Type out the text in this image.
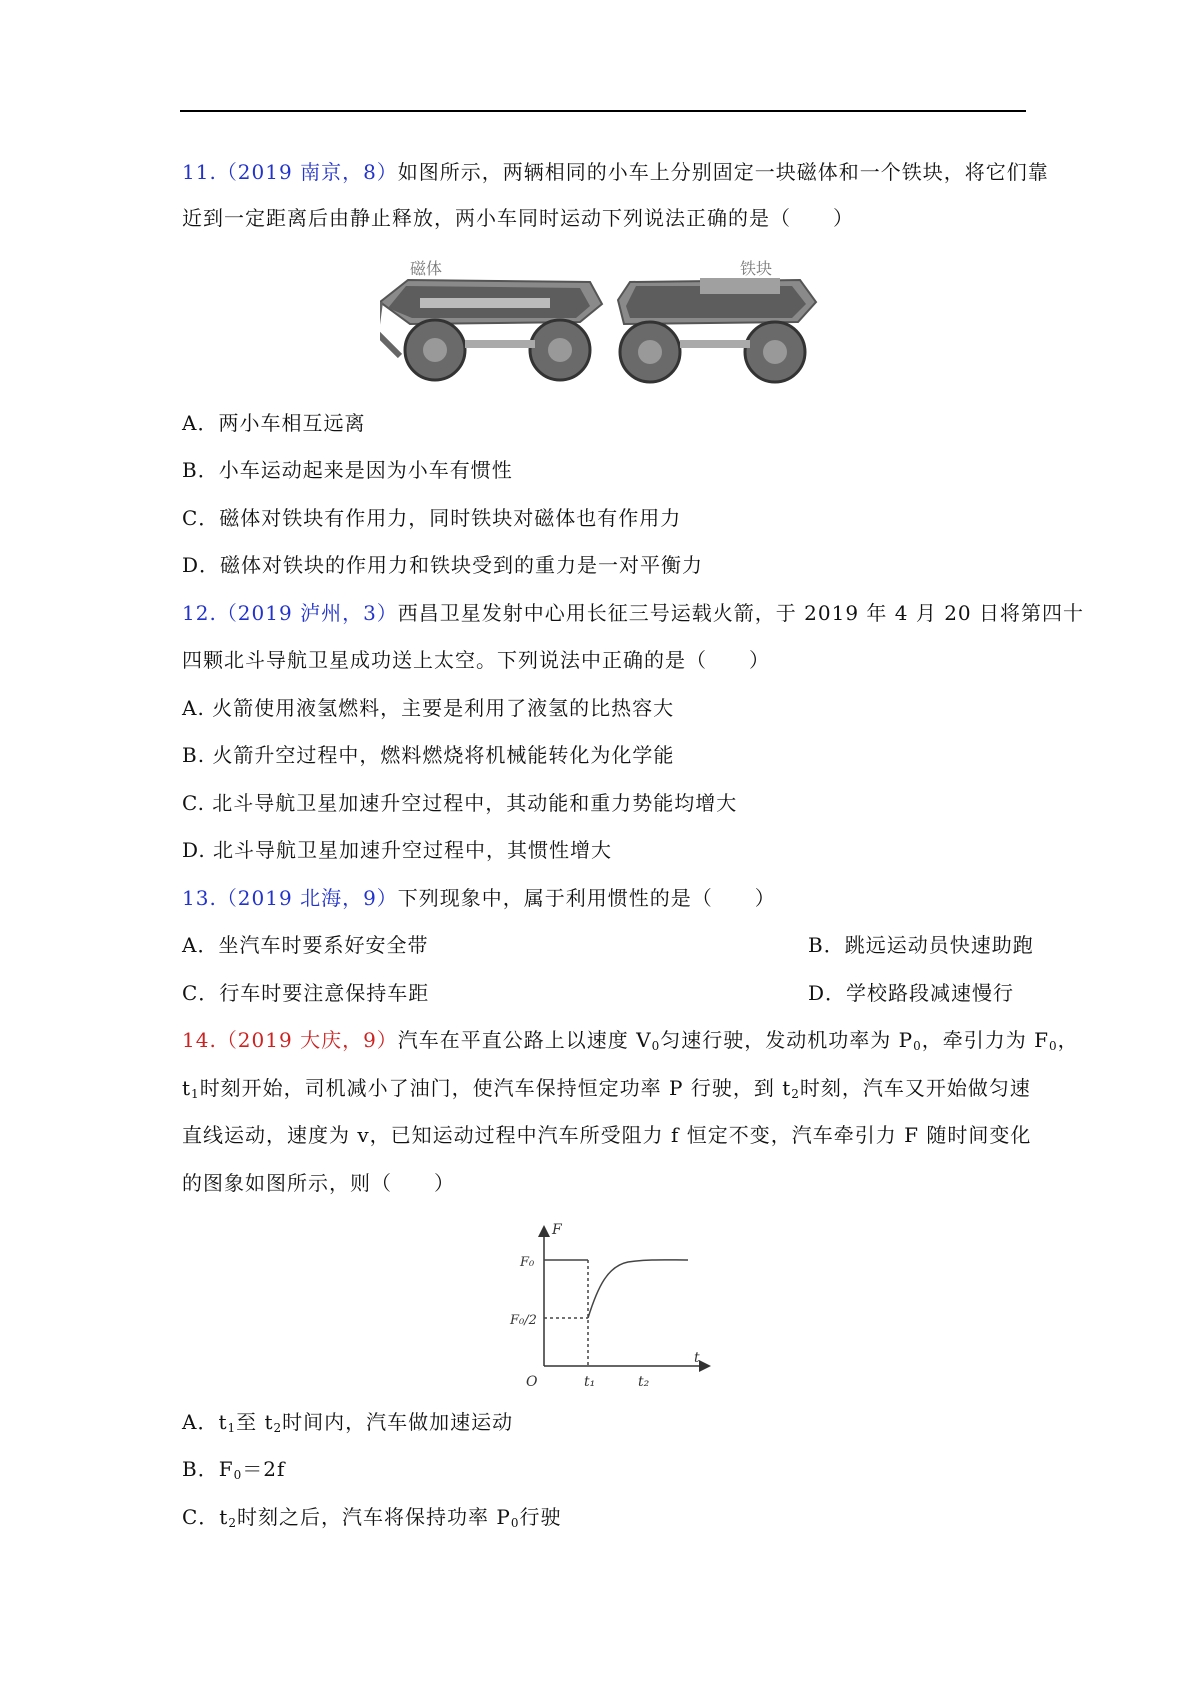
11.（2019 南京，8）如图所示，两辆相同的小车上分别固定一块磁体和一个铁块，将它们靠
近到一定距离后由静止释放，两小车同时运动下列说法正确的是（　　）
磁体	铁块
A．两小车相互远离
B．小车运动起来是因为小车有惯性
C．磁体对铁块有作用力，同时铁块对磁体也有作用力
D．磁体对铁块的作用力和铁块受到的重力是一对平衡力
12.（2019 泸州，3）西昌卫星发射中心用长征三号运载火箭，于 2019 年 4 月 20 日将第四十
四颗北斗导航卫星成功送上太空。下列说法中正确的是（　　）
A. 火箭使用液氢燃料，主要是利用了液氢的比热容大
B. 火箭升空过程中，燃料燃烧将机械能转化为化学能
C. 北斗导航卫星加速升空过程中，其动能和重力势能均增大
D. 北斗导航卫星加速升空过程中，其惯性增大
13.（2019 北海，9）下列现象中，属于利用惯性的是（　　）
A．坐汽车时要系好安全带	B．跳远运动员快速助跑
C．行车时要注意保持车距	D．学校路段减速慢行
14.（2019 大庆，9）汽车在平直公路上以速度 $V_0$匀速行驶，发动机功率为 $P_0$，牵引力为 $F_0$，
$t_1$时刻开始，司机减小了油门，使汽车保持恒定功率 P 行驶，到 $t_2$时刻，汽车又开始做匀速
直线运动，速度为 v，已知运动过程中汽车所受阻力 f 恒定不变，汽车牵引力 F 随时间变化
的图象如图所示，则（　　）
F
t
O
F₀
F₀/2
t₁	t₂
A．$t_1$至 $t_2$时间内，汽车做加速运动
B．$F_0=2f$
C．$t_2$时刻之后，汽车将保持功率 $P_0$行驶
